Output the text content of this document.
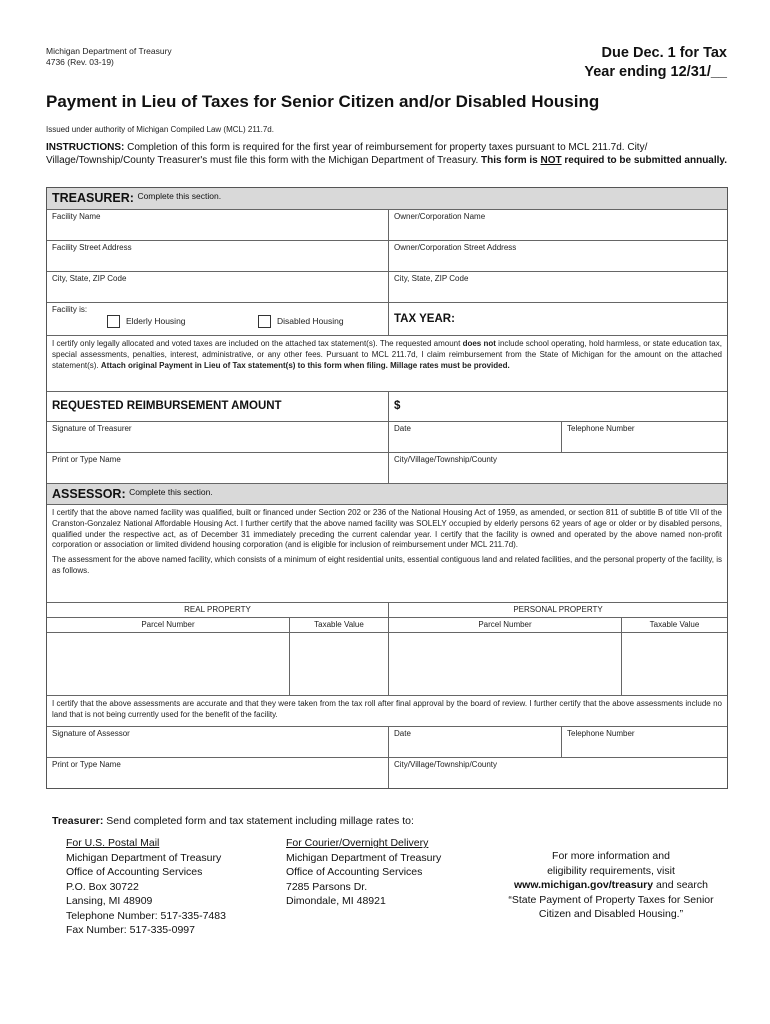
Michigan Department of Treasury
4736 (Rev. 03-19)
Due Dec. 1 for Tax
Year ending 12/31/__
Payment in Lieu of Taxes for Senior Citizen and/or Disabled Housing
Issued under authority of Michigan Compiled Law (MCL) 211.7d.
INSTRUCTIONS: Completion of this form is required for the first year of reimbursement for property taxes pursuant to MCL 211.7d. City/ Village/Township/County Treasurer's must file this form with the Michigan Department of Treasury. This form is NOT required to be submitted annually.
TREASURER:
Complete this section.
Facility Name	Owner/Corporation Name
Facility Street Address	Owner/Corporation Street Address
City, State, ZIP Code	City, State, ZIP Code
Facility is:
Elderly Housing	Disabled Housing	TAX YEAR:
I certify only legally allocated and voted taxes are included on the attached tax statement(s). The requested amount does not include school operating, hold harmless, or state education tax, special assessments, penalties, interest, administrative, or any other fees. Pursuant to MCL 211.7d, I claim reimbursement from the State of Michigan for the amount on the attached statement(s). Attach original Payment in Lieu of Tax statement(s) to this form when filing. Millage rates must be provided.
REQUESTED REIMBURSEMENT AMOUNT	$
Signature of Treasurer	Date	Telephone Number
Print or Type Name	City/Village/Township/County
ASSESSOR:
Complete this section.
I certify that the above named facility was qualified, built or financed under Section 202 or 236 of the National Housing Act of 1959, as amended, or section 811 of subtitle B of title VII of the Cranston-Gonzalez National Affordable Housing Act. I further certify that the above named facility was SOLELY occupied by elderly persons 62 years of age or older or by disabled persons, qualified under the respective act, as of December 31 immediately preceding the current calendar year. I certify that the facility is owned and operated by the above named non-profit corporation or association or limited dividend housing corporation (and is eligible for inclusion of reimbursement under MCL 211.7d).
The assessment for the above named facility, which consists of a minimum of eight residential units, essential contiguous land and related facilities, and the personal property of the facility, is as follows.
REAL PROPERTY	PERSONAL PROPERTY
Parcel Number	Taxable Value	Parcel Number	Taxable Value
I certify that the above assessments are accurate and that they were taken from the tax roll after final approval by the board of review. I further certify that the above assessments include no land that is not being currently used for the benefit of the facility.
Signature of Assessor	Date	Telephone Number
Print or Type Name	City/Village/Township/County
Treasurer: Send completed form and tax statement including millage rates to:
For U.S. Postal Mail
Michigan Department of Treasury
Office of Accounting Services
P.O. Box 30722
Lansing, MI 48909
Telephone Number: 517-335-7483
Fax Number: 517-335-0997
For Courier/Overnight Delivery
Michigan Department of Treasury
Office of Accounting Services
7285 Parsons Dr.
Dimondale, MI 48921
For more information and
eligibility requirements, visit
www.michigan.gov/treasury and search
“State Payment of Property Taxes for Senior
Citizen and Disabled Housing.”
